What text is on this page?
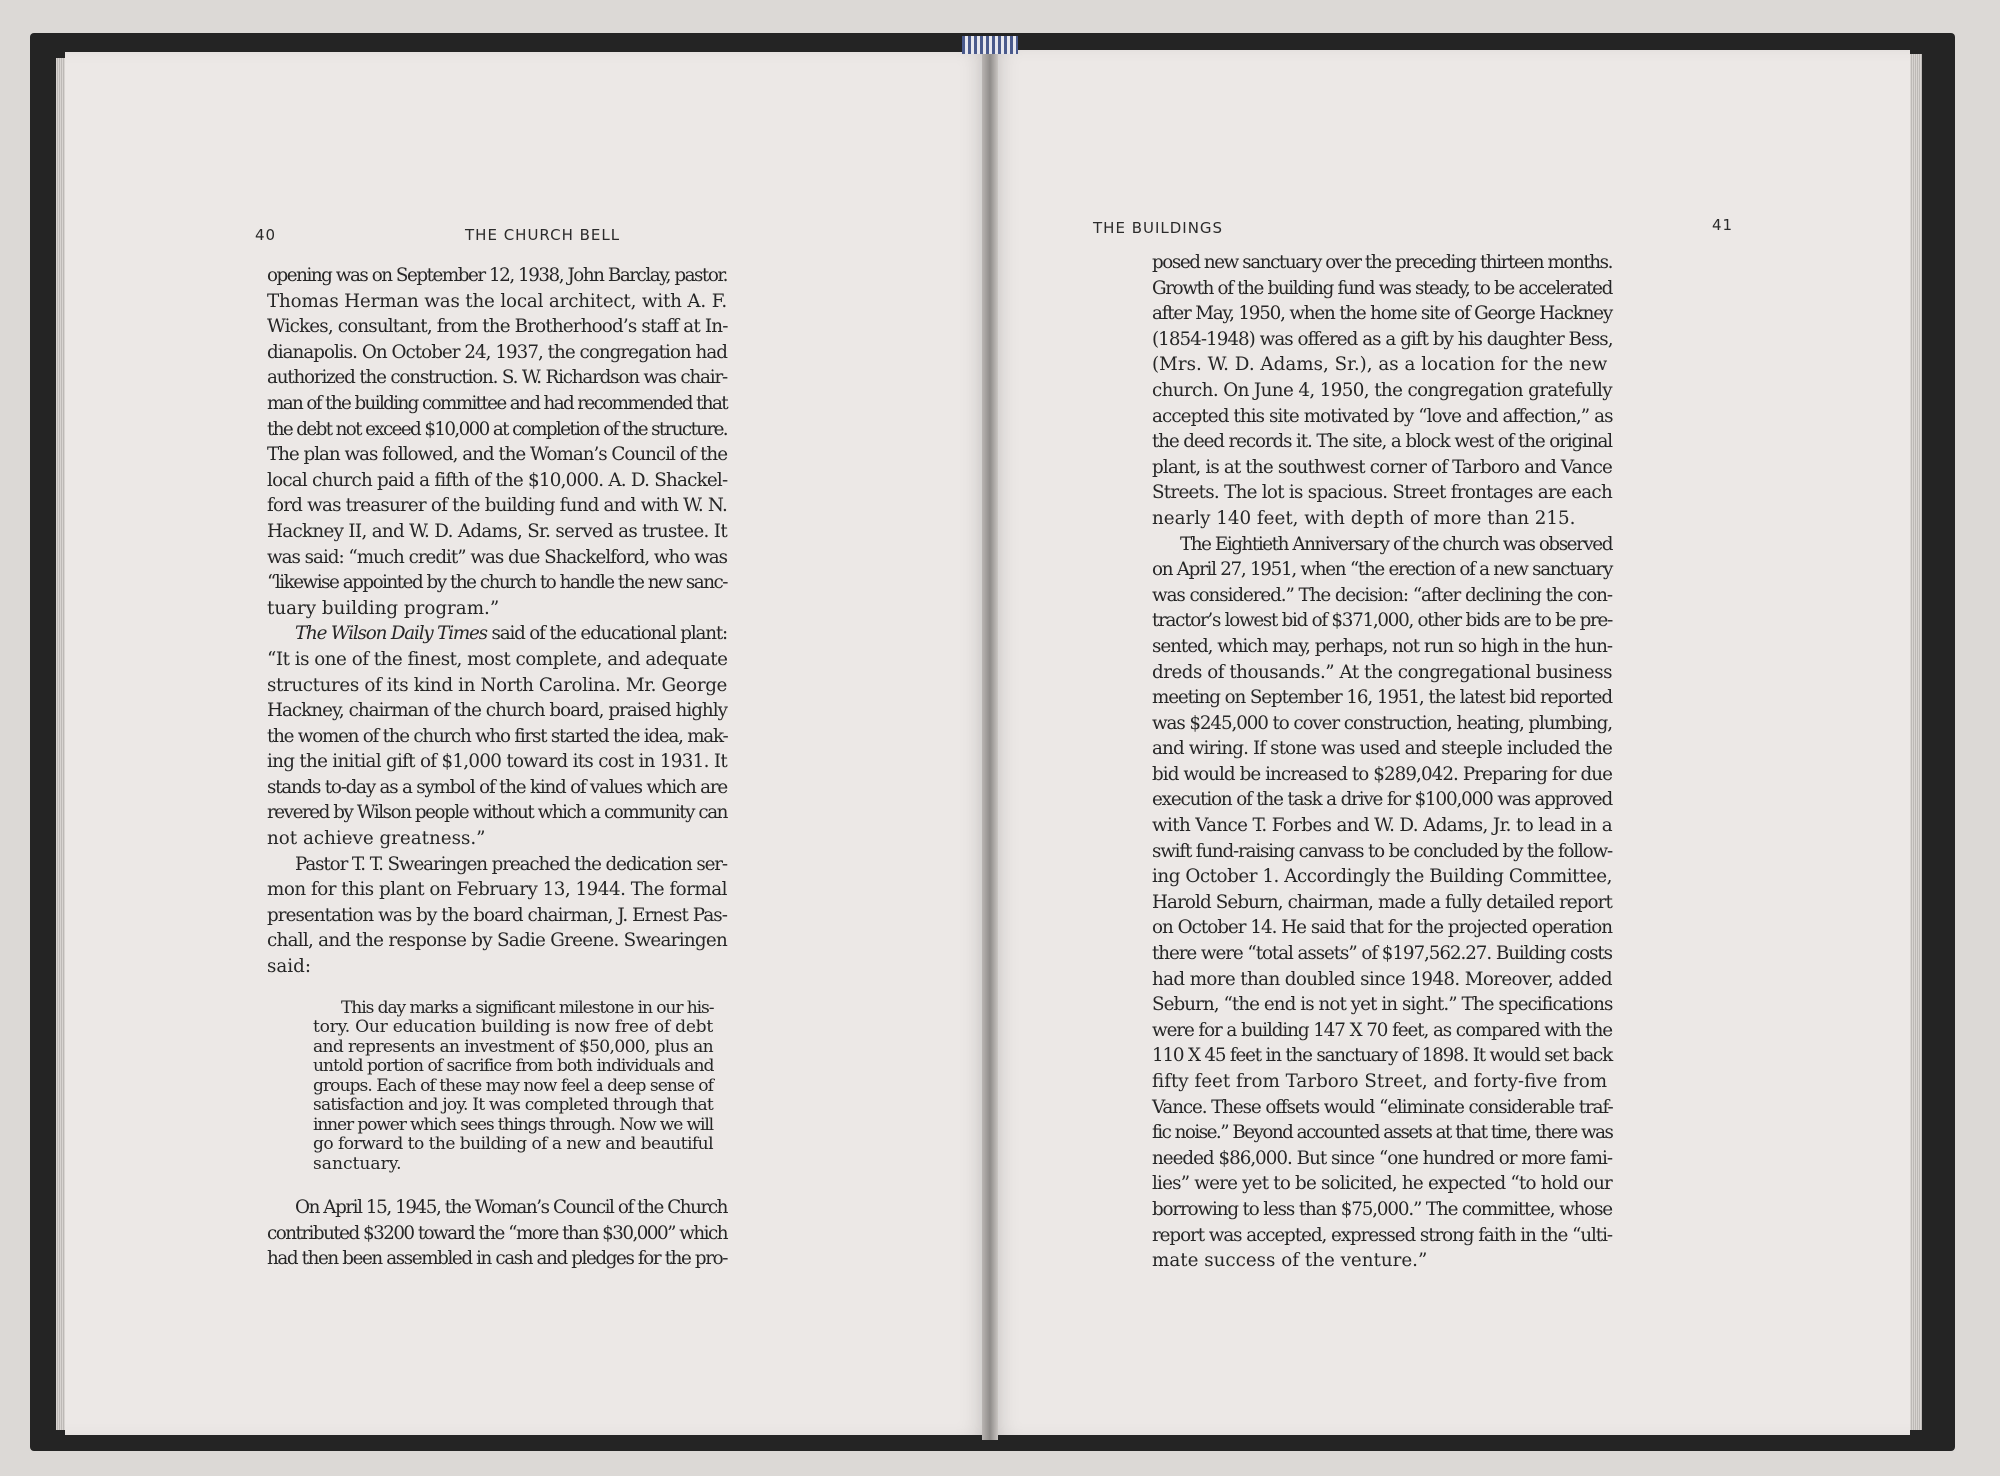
40	THE CHURCH BELL
opening was on September 12, 1938, John Barclay, pastor.
Thomas Herman was the local architect, with A. F.
Wickes, consultant, from the Brotherhood’s staff at In-
dianapolis. On October 24, 1937, the congregation had
authorized the construction. S. W. Richardson was chair-
man of the building committee and had recommended that
the debt not exceed $10,000 at completion of the structure.
The plan was followed, and the Woman’s Council of the
local church paid a fifth of the $10,000. A. D. Shackel-
ford was treasurer of the building fund and with W. N.
Hackney II, and W. D. Adams, Sr. served as trustee. It
was said: “much credit” was due Shackelford, who was
“likewise appointed by the church to handle the new sanc-
tuary building program.”
The Wilson Daily Times said of the educational plant:
“It is one of the finest, most complete, and adequate
structures of its kind in North Carolina. Mr. George
Hackney, chairman of the church board, praised highly
the women of the church who first started the idea, mak-
ing the initial gift of $1,000 toward its cost in 1931. It
stands to-day as a symbol of the kind of values which are
revered by Wilson people without which a community can
not achieve greatness.”
Pastor T. T. Swearingen preached the dedication ser-
mon for this plant on February 13, 1944. The formal
presentation was by the board chairman, J. Ernest Pas-
chall, and the response by Sadie Greene. Swearingen
said:
This day marks a significant milestone in our his-
tory. Our education building is now free of debt
and represents an investment of $50,000, plus an
untold portion of sacrifice from both individuals and
groups. Each of these may now feel a deep sense of
satisfaction and joy. It was completed through that
inner power which sees things through. Now we will
go forward to the building of a new and beautiful
sanctuary.
On April 15, 1945, the Woman’s Council of the Church
contributed $3200 toward the “more than $30,000” which
had then been assembled in cash and pledges for the pro-
THE BUILDINGS	41
posed new sanctuary over the preceding thirteen months.
Growth of the building fund was steady, to be accelerated
after May, 1950, when the home site of George Hackney
(1854-1948) was offered as a gift by his daughter Bess,
(Mrs. W. D. Adams, Sr.), as a location for the new
church. On June 4, 1950, the congregation gratefully
accepted this site motivated by “love and affection,” as
the deed records it. The site, a block west of the original
plant, is at the southwest corner of Tarboro and Vance
Streets. The lot is spacious. Street frontages are each
nearly 140 feet, with depth of more than 215.
The Eightieth Anniversary of the church was observed
on April 27, 1951, when “the erection of a new sanctuary
was considered.” The decision: “after declining the con-
tractor’s lowest bid of $371,000, other bids are to be pre-
sented, which may, perhaps, not run so high in the hun-
dreds of thousands.” At the congregational business
meeting on September 16, 1951, the latest bid reported
was $245,000 to cover construction, heating, plumbing,
and wiring. If stone was used and steeple included the
bid would be increased to $289,042. Preparing for due
execution of the task a drive for $100,000 was approved
with Vance T. Forbes and W. D. Adams, Jr. to lead in a
swift fund-raising canvass to be concluded by the follow-
ing October 1. Accordingly the Building Committee,
Harold Seburn, chairman, made a fully detailed report
on October 14. He said that for the projected operation
there were “total assets” of $197,562.27. Building costs
had more than doubled since 1948. Moreover, added
Seburn, “the end is not yet in sight.” The specifications
were for a building 147 X 70 feet, as compared with the
110 X 45 feet in the sanctuary of 1898. It would set back
fifty feet from Tarboro Street, and forty-five from
Vance. These offsets would “eliminate considerable traf-
fic noise.” Beyond accounted assets at that time, there was
needed $86,000. But since “one hundred or more fami-
lies” were yet to be solicited, he expected “to hold our
borrowing to less than $75,000.” The committee, whose
report was accepted, expressed strong faith in the “ulti-
mate success of the venture.”
